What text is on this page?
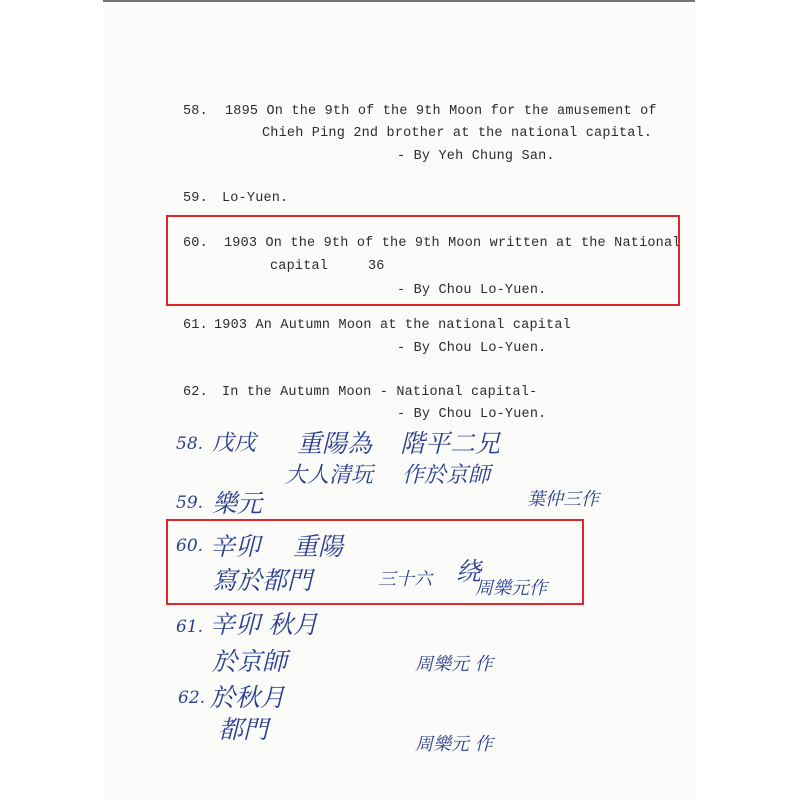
58. 1895 On the 9th of the 9th Moon for the amusement of
Chieh Ping 2nd brother at the national capital.
- By Yeh Chung San.
59. Lo-Yuen.
60. 1903 On the 9th of the 9th Moon written at the National
capital	36
- By Chou Lo-Yuen.
61. 1903 An Autumn Moon at the national capital
- By Chou Lo-Yuen.
62. In the Autumn Moon - National capital-
- By Chou Lo-Yuen.
58. 戊戌 重陽為 階平二兄
大人清玩 作於京師
葉仲三作
59. 樂元
60. 辛卯 重陽
寫於都門	三十六 绕
周樂元作
61. 辛卯 秋月
於京師	周樂元 作
62. 於秋月
都門
周樂元 作
